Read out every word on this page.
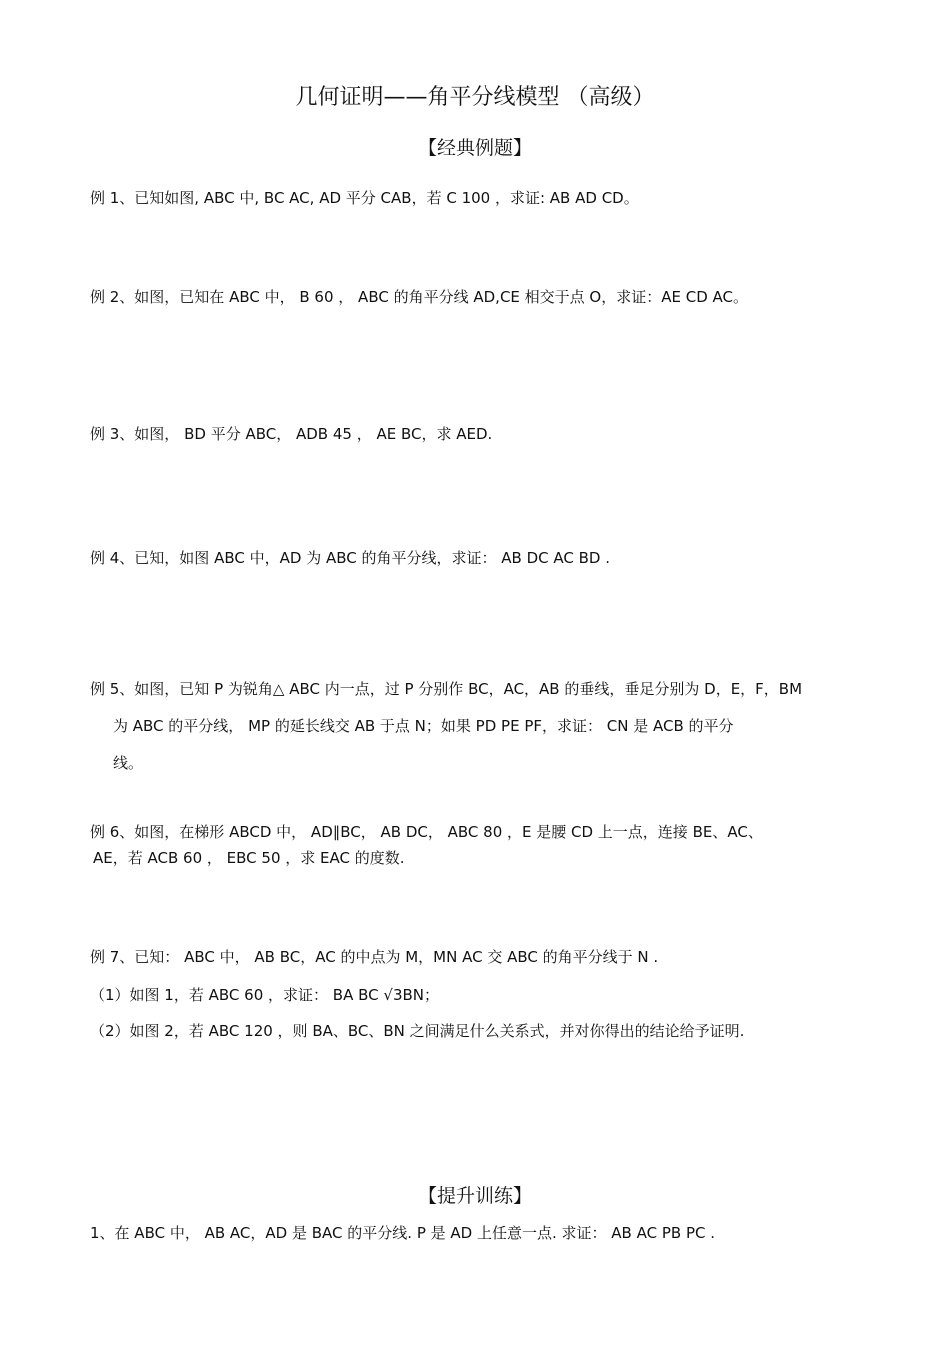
几何证明——角平分线模型 （高级）
【经典例题】
例 1、已知如图, ABC 中, BC AC, AD 平分 CAB，若 C 100 ，求证: AB AD CD。
例 2、如图，已知在 ABC 中， B 60 ， ABC 的角平分线 AD,CE 相交于点 O，求证：AE CD AC。
例 3、如图， BD 平分 ABC， ADB 45 ， AE BC，求 AED.
例 4、已知，如图 ABC 中，AD 为 ABC 的角平分线，求证： AB DC AC BD .
例 5、如图，已知 P 为锐角△ ABC 内一点，过 P 分别作 BC，AC，AB 的垂线，垂足分别为 D，E，F，BM
为 ABC 的平分线， MP 的延长线交 AB 于点 N；如果 PD PE PF，求证： CN 是 ACB 的平分
线。
例 6、如图，在梯形 ABCD 中， AD∥BC， AB DC， ABC 80 ，E 是腰 CD 上一点，连接 BE、AC、
AE，若 ACB 60 ， EBC 50 ，求 EAC 的度数.
例 7、已知： ABC 中， AB BC，AC 的中点为 M，MN AC 交 ABC 的角平分线于 N .
（1）如图 1，若 ABC 60 ，求证： BA BC √3BN；
（2）如图 2，若 ABC 120 ，则 BA、BC、BN 之间满足什么关系式，并对你得出的结论给予证明.
【提升训练】
1、在 ABC 中， AB AC，AD 是 BAC 的平分线. P 是 AD 上任意一点. 求证： AB AC PB PC .
